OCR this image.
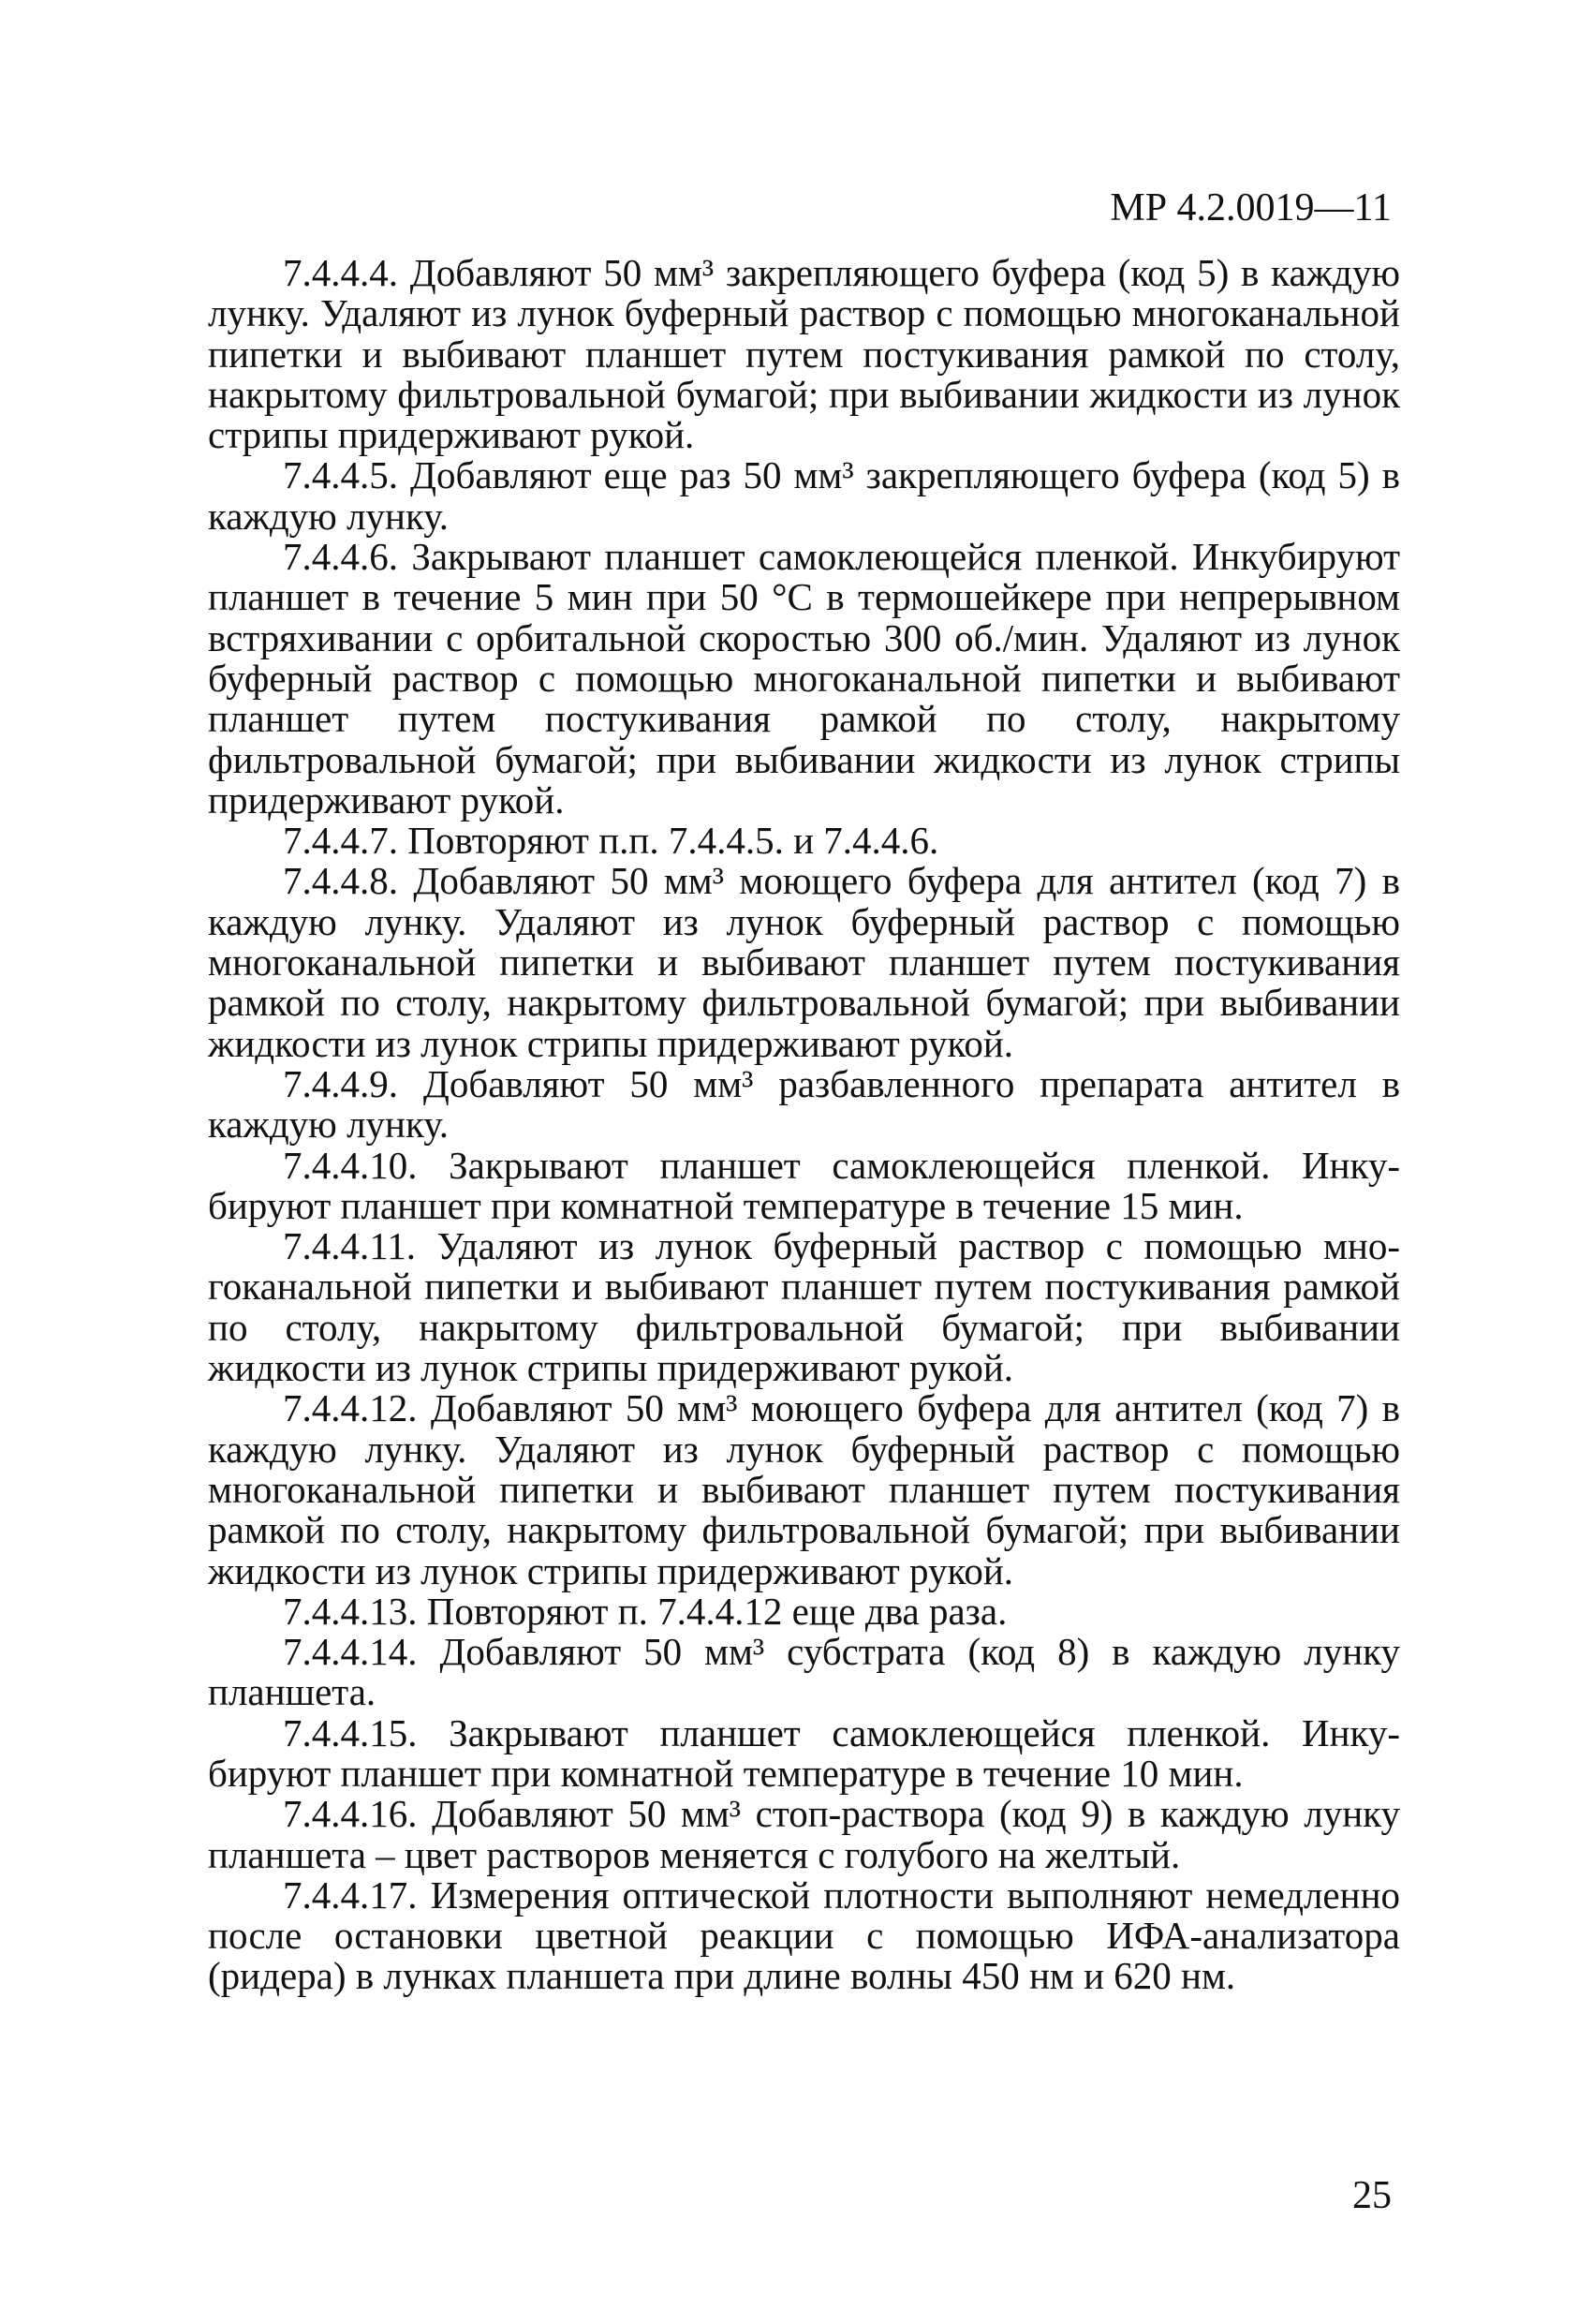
МР 4.2.0019—11

7.4.4.4. Добавляют 50 мм³ закрепляющего буфера (код 5) в каждую лунку. Удаляют из лунок буферный раствор с помощью многоканальной пипетки и выбивают планшет путем постукивания рамкой по столу, накрытому фильтровальной бумагой; при выбивании жидкости из лунок стрипы придерживают рукой.

7.4.4.5. Добавляют еще раз 50 мм³ закрепляющего буфера (код 5) в каждую лунку.

7.4.4.6. Закрывают планшет самоклеющейся пленкой. Инкубируют планшет в течение 5 мин при 50 °С в термошейкере при непрерывном встряхивании с орбитальной скоростью 300 об./мин. Удаляют из лунок буферный раствор с помощью многоканальной пипетки и выбивают планшет путем постукивания рамкой по столу, накрытому фильтровальной бумагой; при выбивании жидкости из лунок стрипы придерживают рукой.

7.4.4.7. Повторяют п.п. 7.4.4.5. и 7.4.4.6.

7.4.4.8. Добавляют 50 мм³ моющего буфера для антител (код 7) в каждую лунку. Удаляют из лунок буферный раствор с помощью многоканальной пипетки и выбивают планшет путем постукивания рамкой по столу, накрытому фильтровальной бумагой; при выбивании жидкости из лунок стрипы придерживают рукой.

7.4.4.9. Добавляют 50 мм³ разбавленного препарата антител в каждую лунку.

7.4.4.10. Закрывают планшет самоклеющейся пленкой. Инкубируют планшет при комнатной температуре в течение 15 мин.

7.4.4.11. Удаляют из лунок буферный раствор с помощью многоканальной пипетки и выбивают планшет путем постукивания рамкой по столу, накрытому фильтровальной бумагой; при выбивании жидкости из лунок стрипы придерживают рукой.

7.4.4.12. Добавляют 50 мм³ моющего буфера для антител (код 7) в каждую лунку. Удаляют из лунок буферный раствор с помощью многоканальной пипетки и выбивают планшет путем постукивания рамкой по столу, накрытому фильтровальной бумагой; при выбивании жидкости из лунок стрипы придерживают рукой.

7.4.4.13. Повторяют п. 7.4.4.12 еще два раза.

7.4.4.14. Добавляют 50 мм³ субстрата (код 8) в каждую лунку планшета.

7.4.4.15. Закрывают планшет самоклеющейся пленкой. Инкубируют планшет при комнатной температуре в течение 10 мин.

7.4.4.16. Добавляют 50 мм³ стоп-раствора (код 9) в каждую лунку планшета – цвет растворов меняется с голубого на желтый.

7.4.4.17. Измерения оптической плотности выполняют немедленно после остановки цветной реакции с помощью ИФА-анализатора (ридера) в лунках планшета при длине волны 450 нм и 620 нм.

25
